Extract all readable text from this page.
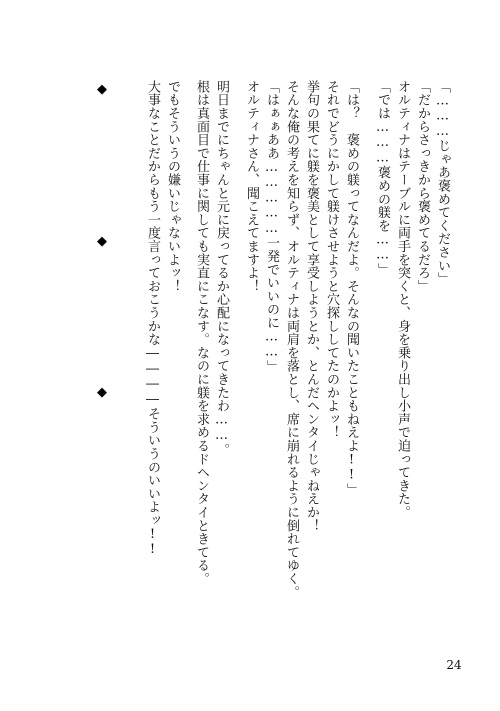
「………じゃあ褒めてください」
「だからさっきから褒めてるだろ」
オルティナはテーブルに両手を突くと、身を乗り出し小声で迫ってきた。
「では………褒めの躾を……」
「は？　褒めの躾ってなんだよ。そんなの聞いたこともねえよ!!」
それでどうにかして躾けさせようと穴探ししてたのかよッ！
挙句の果てに躾を褒美として享受しようとか、とんだヘンタイじゃねえか！
そんな俺の考えを知らず、オルティナは両肩を落とし、席に崩れるように倒れてゆく。
「はぁぁああ……………一発でいいのに……」
オルティナさん、聞こえてますよ！
明日までにちゃんと元に戻ってるか心配になってきたわ……。
根は真面目で仕事に関しても実直にこなす。なのに躾を求めるドヘンタイときてる。
でもそういうの嫌いじゃないよッ！
大事なことだからもう一度言っておこうかな――――そういうのいいよッ!!
◆
◆
◆
24
